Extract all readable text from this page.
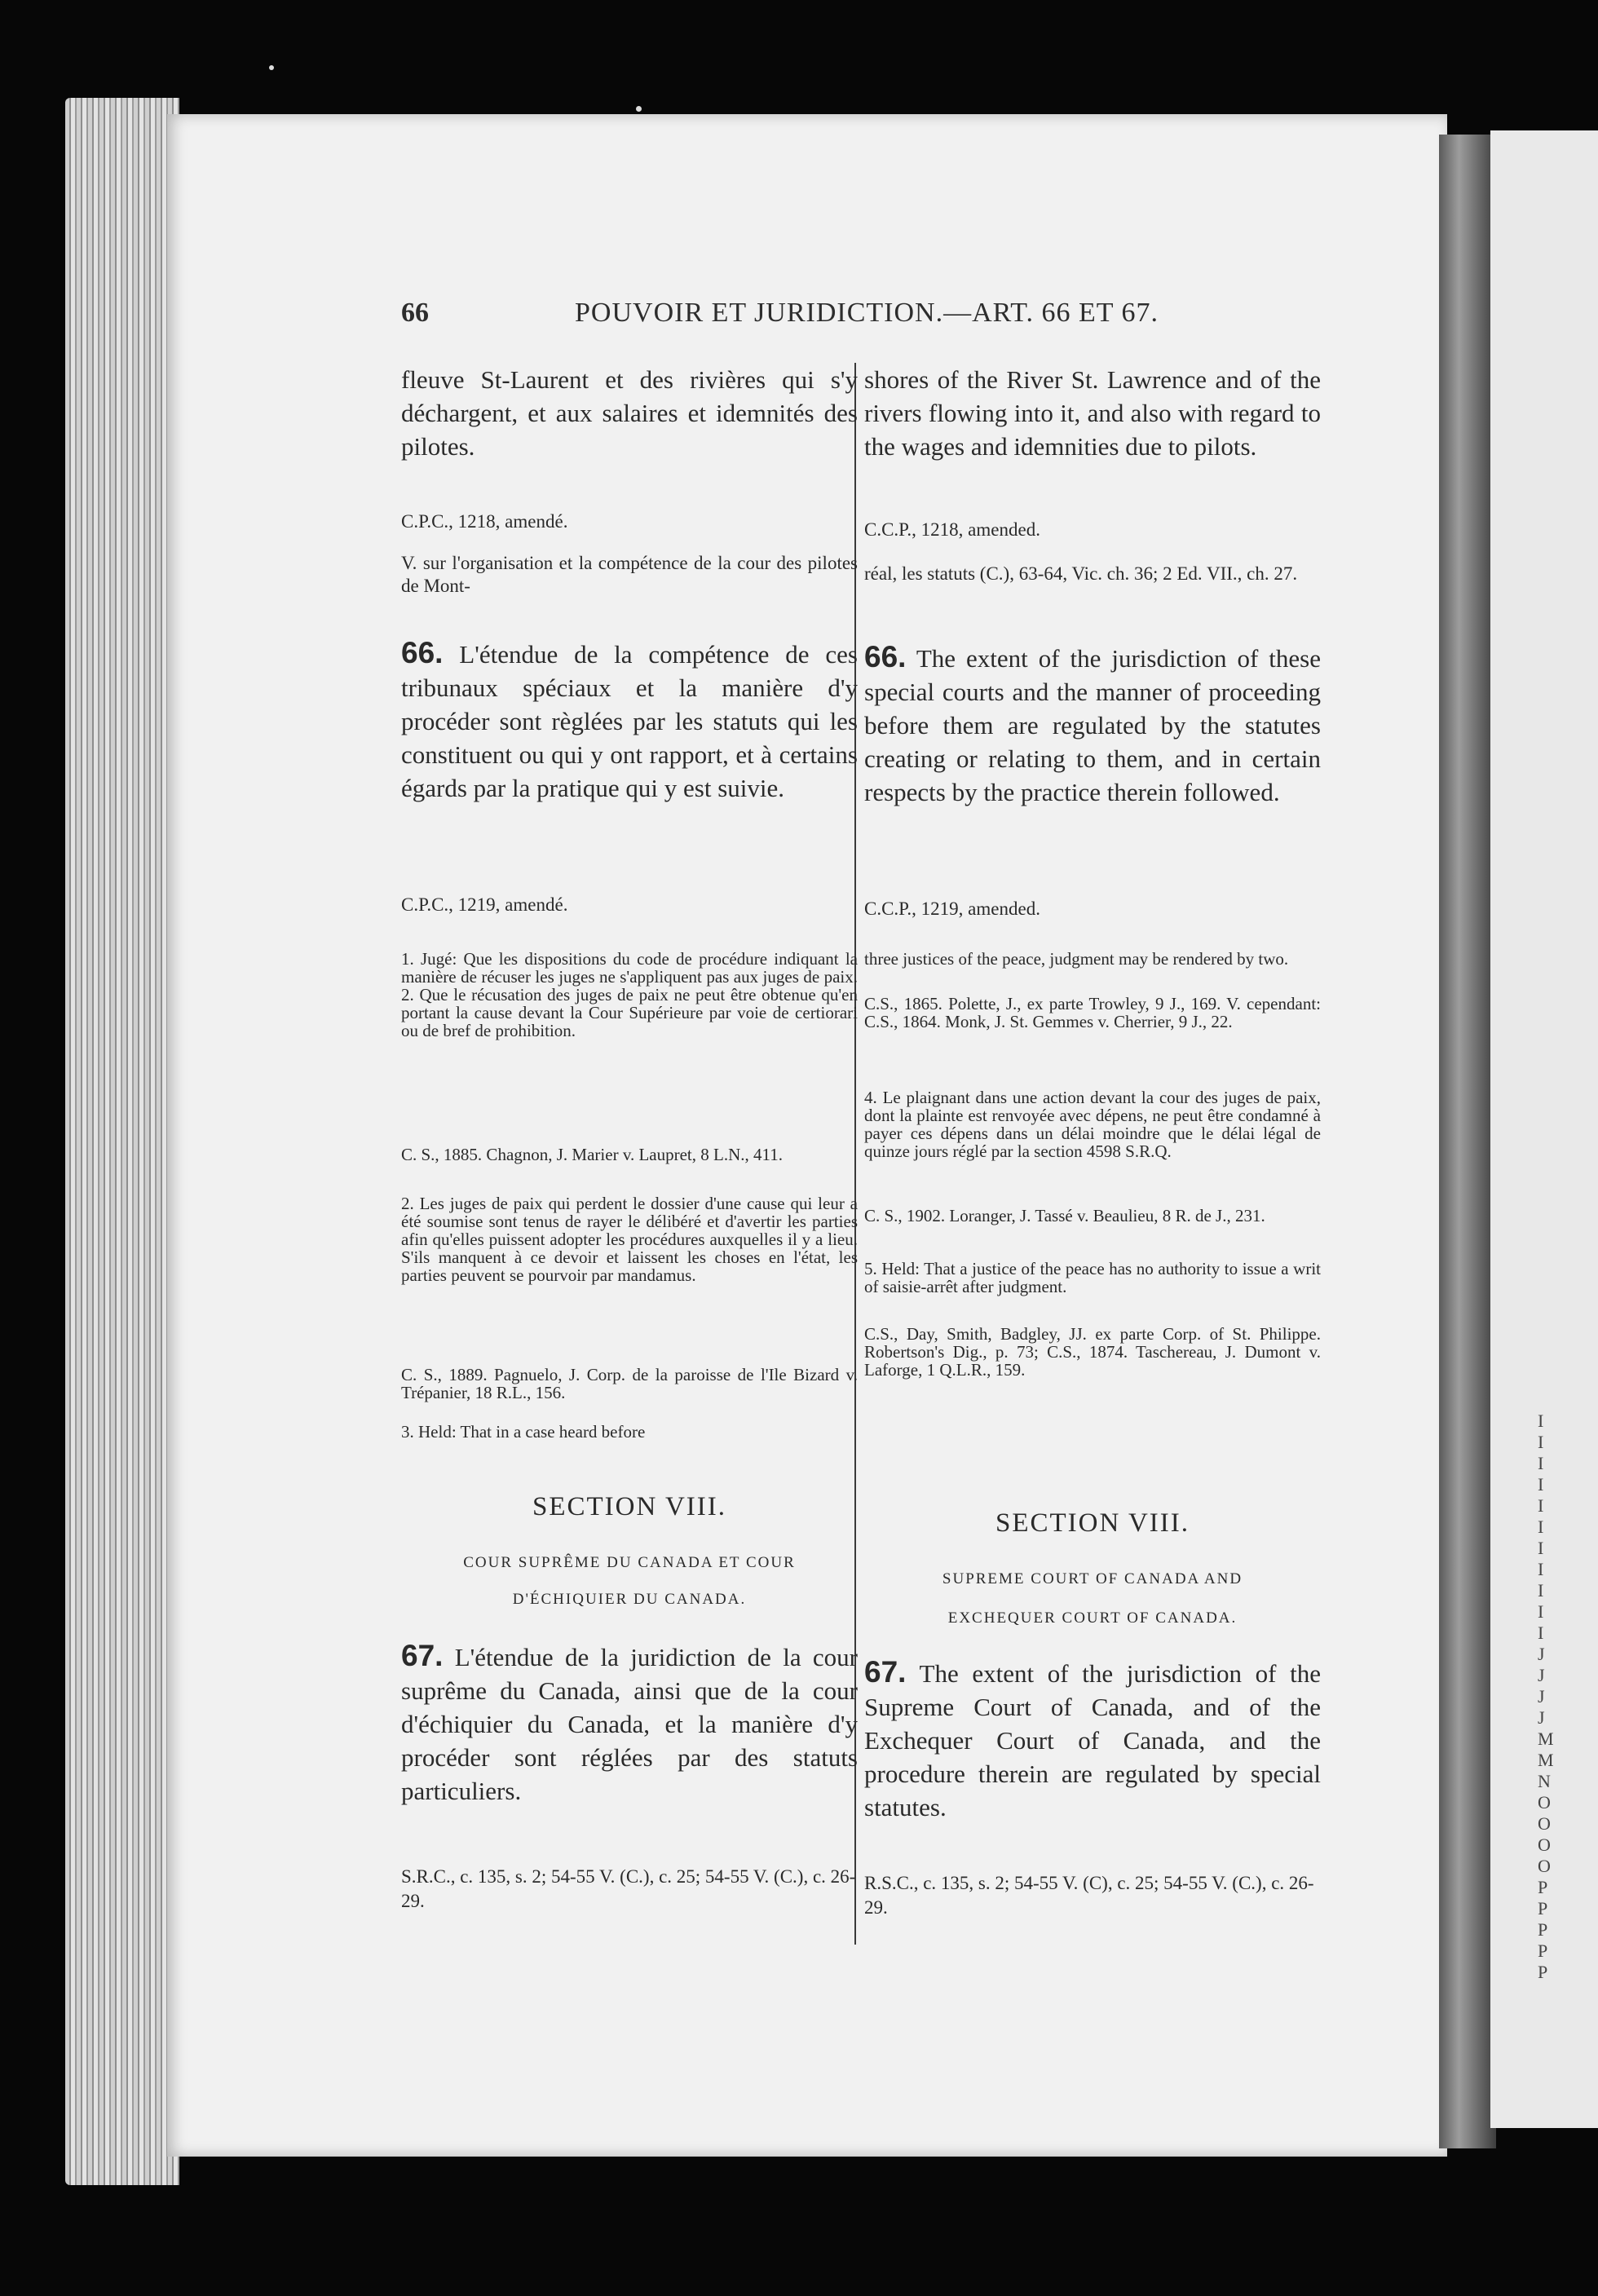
I
I
I
I
I
I
I
I
I
I
I
J
J
J
J
M
M
N
O
O
O
O
P
P
P
P
P
66	POUVOIR ET JURIDICTION.—ART. 66 ET 67.

fleuve St-Laurent et des rivières qui s'y déchargent, et aux salaires et idemnités des pilotes.

C.P.C., 1218, amendé.

V. sur l'organisation et la compétence de la cour des pilotes de Mont-

66. L'étendue de la compétence de ces tribunaux spéciaux et la manière d'y procéder sont règlées par les statuts qui les constituent ou qui y ont rapport, et à certains égards par la pratique qui y est suivie.

C.P.C., 1219, amendé.

1. Jugé: Que les dispositions du code de procédure indiquant la manière de récuser les juges ne s'appliquent pas aux juges de paix. 2. Que le récusation des juges de paix ne peut être obtenue qu'en portant la cause devant la Cour Supérieure par voie de certiorari ou de bref de prohibition.

C. S., 1885. Chagnon, J. Marier v. Laupret, 8 L.N., 411.

2. Les juges de paix qui perdent le dossier d'une cause qui leur a été soumise sont tenus de rayer le délibéré et d'avertir les parties afin qu'elles puissent adopter les procédures auxquelles il y a lieu. S'ils manquent à ce devoir et laissent les choses en l'état, les parties peuvent se pourvoir par mandamus.

C. S., 1889. Pagnuelo, J. Corp. de la paroisse de l'Ile Bizard v. Trépanier, 18 R.L., 156.

3. Held: That in a case heard before

SECTION VIII.

COUR SUPRÊME DU CANADA ET COUR

D'ÉCHIQUIER DU CANADA.

67. L'étendue de la juridiction de la cour suprême du Canada, ainsi que de la cour d'échiquier du Canada, et la manière d'y procéder sont réglées par des statuts particuliers.

S.R.C., c. 135, s. 2; 54-55 V. (C.), c. 25; 54-55 V. (C.), c. 26-29.

shores of the River St. Lawrence and of the rivers flowing into it, and also with regard to the wages and idemnities due to pilots.

C.C.P., 1218, amended.

réal, les statuts (C.), 63-64, Vic. ch. 36; 2 Ed. VII., ch. 27.

66. The extent of the jurisdiction of these special courts and the manner of proceeding before them are regulated by the statutes creating or relating to them, and in certain respects by the practice therein followed.

C.C.P., 1219, amended.

three justices of the peace, judgment may be rendered by two.

C.S., 1865. Polette, J., ex parte Trowley, 9 J., 169. V. cependant: C.S., 1864. Monk, J. St. Gemmes v. Cherrier, 9 J., 22.

4. Le plaignant dans une action devant la cour des juges de paix, dont la plainte est renvoyée avec dépens, ne peut être condamné à payer ces dépens dans un délai moindre que le délai légal de quinze jours réglé par la section 4598 S.R.Q.

C. S., 1902. Loranger, J. Tassé v. Beaulieu, 8 R. de J., 231.

5. Held: That a justice of the peace has no authority to issue a writ of saisie-arrêt after judgment.

C.S., Day, Smith, Badgley, JJ. ex parte Corp. of St. Philippe. Robertson's Dig., p. 73; C.S., 1874. Taschereau, J. Dumont v. Laforge, 1 Q.L.R., 159.

SECTION VIII.

SUPREME COURT OF CANADA AND

EXCHEQUER COURT OF CANADA.

67. The extent of the jurisdiction of the Supreme Court of Canada, and of the Exchequer Court of Canada, and the procedure therein are regulated by special statutes.

R.S.C., c. 135, s. 2; 54-55 V. (C), c. 25; 54-55 V. (C.), c. 26-29.
